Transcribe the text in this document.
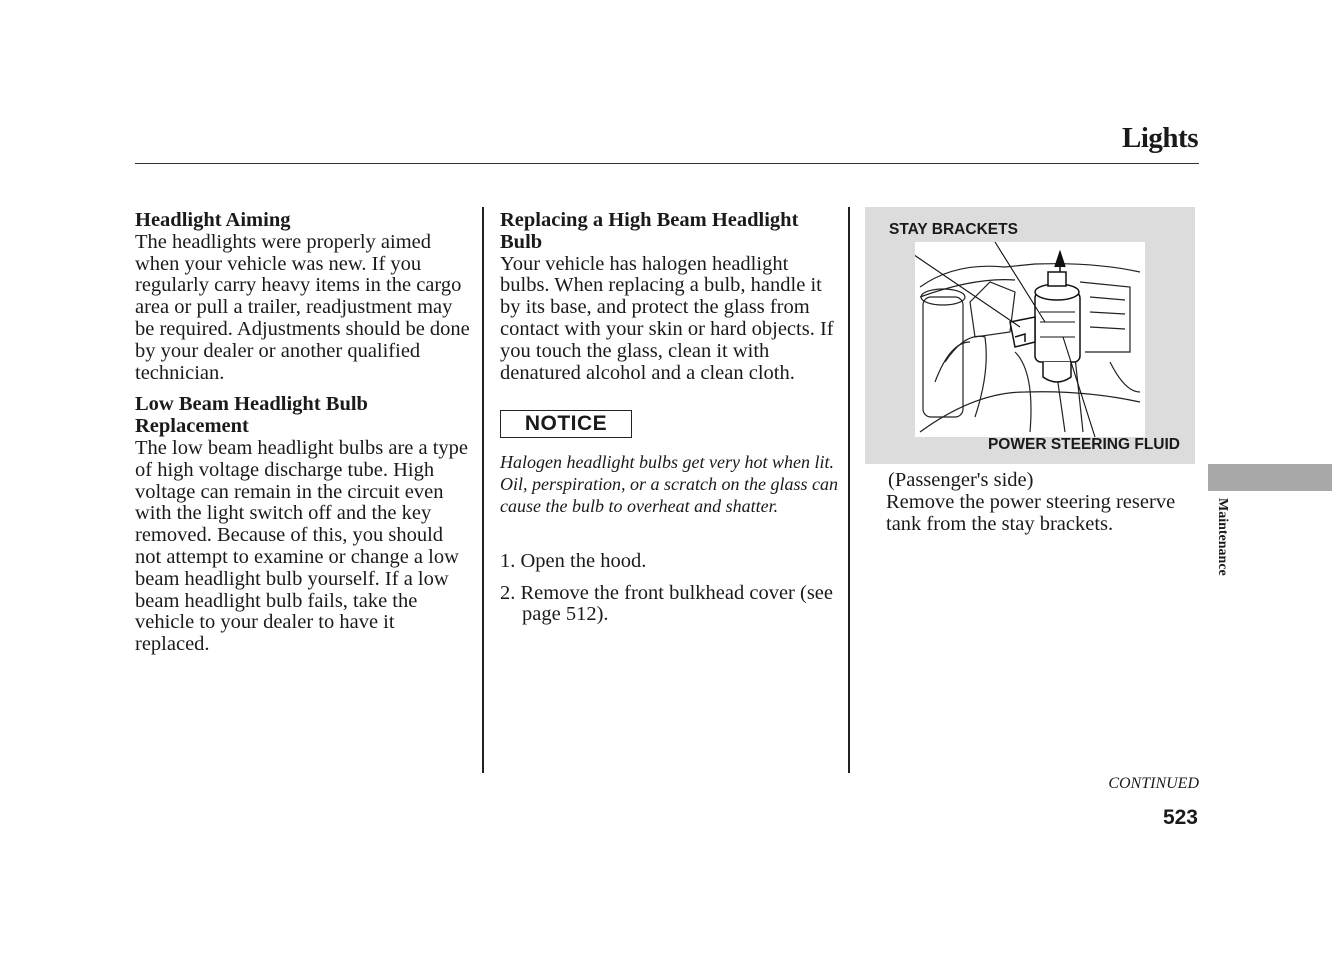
Lights

Headlight Aiming

The headlights were properly aimed when your vehicle was new. If you regularly carry heavy items in the cargo area or pull a trailer, readjustment may be required. Adjustments should be done by your dealer or another qualified technician.

Low Beam Headlight Bulb Replacement

The low beam headlight bulbs are a type of high voltage discharge tube. High voltage can remain in the circuit even with the light switch off and the key removed. Because of this, you should not attempt to examine or change a low beam headlight bulb yourself. If a low beam headlight bulb fails, take the vehicle to your dealer to have it replaced.

Replacing a High Beam Headlight Bulb

Your vehicle has halogen headlight bulbs. When replacing a bulb, handle it by its base, and protect the glass from contact with your skin or hard objects. If you touch the glass, clean it with denatured alcohol and a clean cloth.

NOTICE

Halogen headlight bulbs get very hot when lit. Oil, perspiration, or a scratch on the glass can cause the bulb to overheat and shatter.

1. Open the hood.

2. Remove the front bulkhead cover (see page 512).

STAY BRACKETS
POWER STEERING FLUID

(Passenger's side)

Remove the power steering reserve tank from the stay brackets.	Maintenance
CONTINUED
523
